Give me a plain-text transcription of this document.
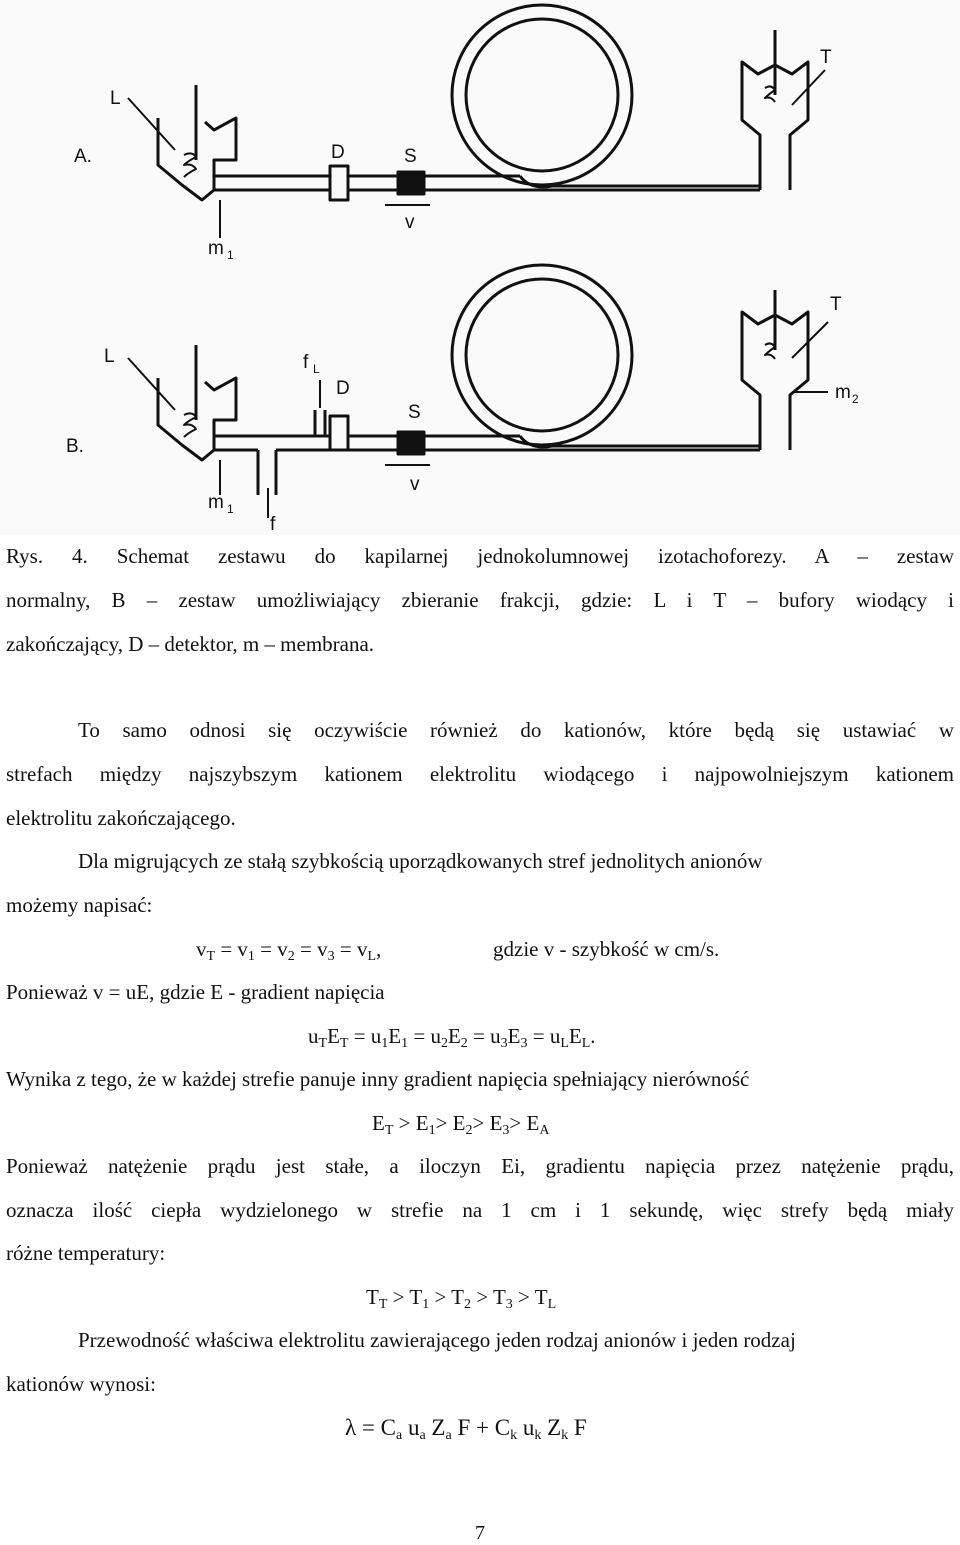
A.
L
T
D	S
v
m 1
B.
L
T
D
S
v
m 2
m 1
f
f L
Rys. 4. Schemat zestawu do kapilarnej jednokolumnowej izotachoforezy. A – zestaw
normalny, B – zestaw umożliwiający zbieranie frakcji, gdzie: L i T – bufory wiodący i
zakończający, D – detektor, m – membrana.
To samo odnosi się oczywiście również do kationów, które będą się ustawiać w
strefach między najszybszym kationem elektrolitu wiodącego i najpowolniejszym kationem
elektrolitu zakończającego.
Dla migrujących ze stałą szybkością uporządkowanych stref jednolitych anionów
możemy napisać:
$v_T = v_1 = v_2 = v_3 = v_L$,	gdzie v - szybkość w cm/s.
Ponieważ v = uE, gdzie E - gradient napięcia
$u_TE_T = u_1E_1 = u_2E_2 = u_3E_3 = u_LE_L$.
Wynika z tego, że w każdej strefie panuje inny gradient napięcia spełniający nierówność
$E_T > E_1> E_2> E_3> E_A$
Ponieważ natężenie prądu jest stałe, a iloczyn Ei, gradientu napięcia przez natężenie prądu,
oznacza ilość ciepła wydzielonego w strefie na 1 cm i 1 sekundę, więc strefy będą miały
różne temperatury:
$T_T > T_1 > T_2 > T_3 > T_L$
Przewodność właściwa elektrolitu zawierającego jeden rodzaj anionów i jeden rodzaj
kationów wynosi:
$\lambda = C_a$ $u_a$ $Z_a$ $F + C_k$ $u_k$ $Z_k$ F
7
